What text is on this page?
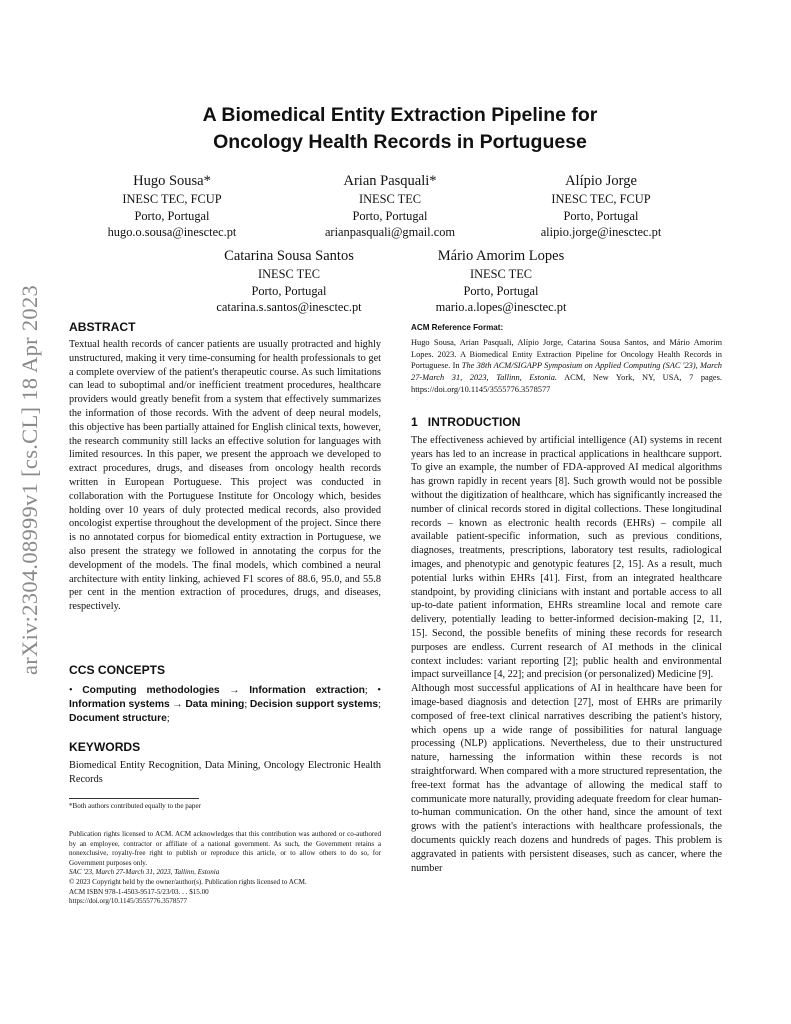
arXiv:2304.08999v1 [cs.CL] 18 Apr 2023
A Biomedical Entity Extraction Pipeline for
Oncology Health Records in Portuguese
Hugo Sousa*
INESC TEC, FCUP
Porto, Portugal
hugo.o.sousa@inesctec.pt
Arian Pasquali*
INESC TEC
Porto, Portugal
arianpasquali@gmail.com
Alípio Jorge
INESC TEC, FCUP
Porto, Portugal
alipio.jorge@inesctec.pt
Catarina Sousa Santos
INESC TEC
Porto, Portugal
catarina.s.santos@inesctec.pt
Mário Amorim Lopes
INESC TEC
Porto, Portugal
mario.a.lopes@inesctec.pt
ABSTRACT

Textual health records of cancer patients are usually protracted and highly unstructured, making it very time-consuming for health professionals to get a complete overview of the patient's therapeutic course. As such limitations can lead to suboptimal and/or inefficient treatment procedures, healthcare providers would greatly benefit from a system that effectively summarizes the information of those records. With the advent of deep neural models, this objective has been partially attained for English clinical texts, however, the research community still lacks an effective solution for languages with limited resources. In this paper, we present the approach we developed to extract procedures, drugs, and diseases from oncology health records written in European Portuguese. This project was conducted in collaboration with the Portuguese Institute for Oncology which, besides holding over 10 years of duly protected medical records, also provided oncologist expertise throughout the development of the project. Since there is no annotated corpus for biomedical entity extraction in Portuguese, we also present the strategy we followed in annotating the corpus for the development of the models. The final models, which combined a neural architecture with entity linking, achieved F1 scores of 88.6, 95.0, and 55.8 per cent in the mention extraction of procedures, drugs, and diseases, respectively.

CCS CONCEPTS

• Computing methodologies → Information extraction; • Information systems → Data mining; Decision support systems; Document structure;

KEYWORDS

Biomedical Entity Recognition, Data Mining, Oncology Electronic Health Records

*Both authors contributed equally to the paper

Publication rights licensed to ACM. ACM acknowledges that this contribution was authored or co-authored by an employee, contractor or affiliate of a national government. As such, the Government retains a nonexclusive, royalty-free right to publish or reproduce this article, or to allow others to do so, for Government purposes only.

SAC '23, March 27-March 31, 2023, Tallinn, Estonia

© 2023 Copyright held by the owner/author(s). Publication rights licensed to ACM.

ACM ISBN 978-1-4503-9517-5/23/03. . . $15.00

https://doi.org/10.1145/3555776.3578577

ACM Reference Format:

Hugo Sousa, Arian Pasquali, Alípio Jorge, Catarina Sousa Santos, and Mário Amorim Lopes. 2023. A Biomedical Entity Extraction Pipeline for Oncology Health Records in Portuguese. In The 38th ACM/SIGAPP Symposium on Applied Computing (SAC '23), March 27-March 31, 2023, Tallinn, Estonia. ACM, New York, NY, USA, 7 pages. https://doi.org/10.1145/3555776.3578577

1   INTRODUCTION

The effectiveness achieved by artificial intelligence (AI) systems in recent years has led to an increase in practical applications in healthcare support. To give an example, the number of FDA-approved AI medical algorithms has grown rapidly in recent years [8]. Such growth would not be possible without the digitization of healthcare, which has significantly increased the number of clinical records stored in digital collections. These longitudinal records – known as electronic health records (EHRs) – compile all available patient-specific information, such as previous conditions, diagnoses, treatments, prescriptions, laboratory test results, radiological images, and phenotypic and genotypic features [2, 15]. As a result, much potential lurks within EHRs [41]. First, from an integrated healthcare standpoint, by providing clinicians with instant and portable access to all up-to-date patient information, EHRs streamline local and remote care delivery, potentially leading to better-informed decision-making [2, 11, 15]. Second, the possible benefits of mining these records for research purposes are endless. Current research of AI methods in the clinical context includes: variant reporting [2]; public health and environmental impact surveillance [4, 22]; and precision (or personalized) Medicine [9].

Although most successful applications of AI in healthcare have been for image-based diagnosis and detection [27], most of EHRs are primarily composed of free-text clinical narratives describing the patient's history, which opens up a wide range of possibilities for natural language processing (NLP) applications. Nevertheless, due to their unstructured nature, harnessing the information within these records is not straightforward. When compared with a more structured representation, the free-text format has the advantage of allowing the medical staff to communicate more naturally, providing adequate freedom for clear human-to-human communication. On the other hand, since the amount of text grows with the patient's interactions with healthcare professionals, the documents quickly reach dozens and hundreds of pages. This problem is aggravated in patients with persistent diseases, such as cancer, where the number
